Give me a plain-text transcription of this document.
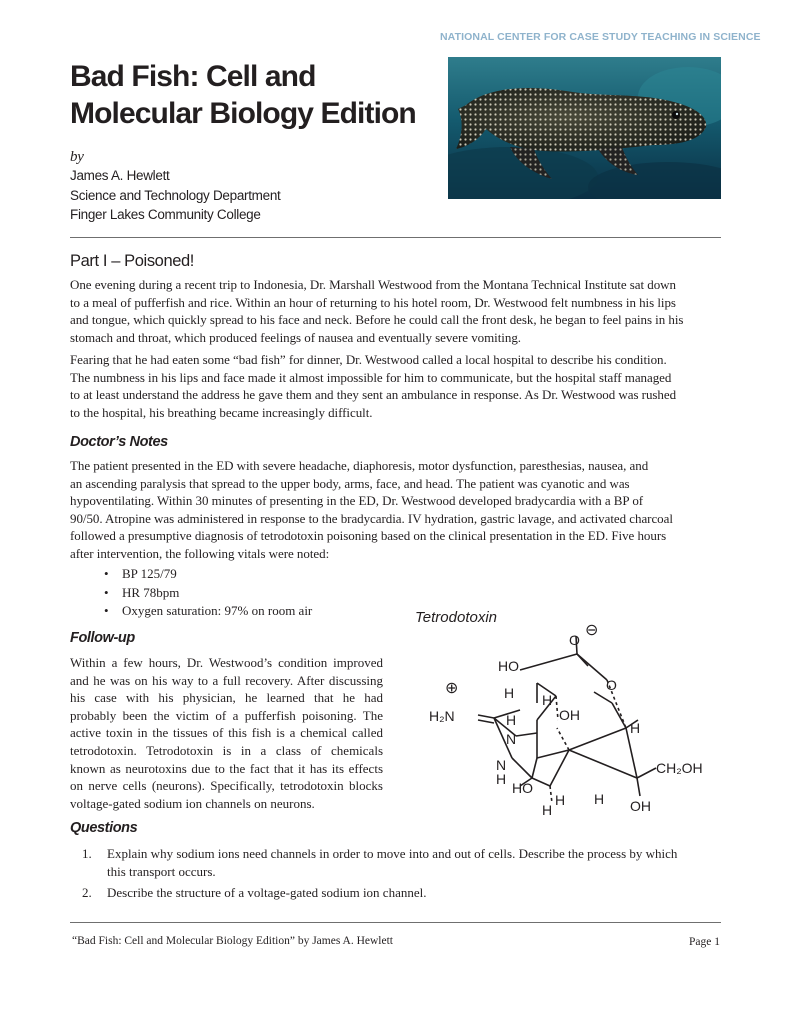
NATIONAL CENTER FOR CASE STUDY TEACHING IN SCIENCE
Bad Fish: Cell and
Molecular Biology Edition
by
James A. Hewlett
Science and Technology Department
Finger Lakes Community College
Part I – Poisoned!

One evening during a recent trip to Indonesia, Dr. Marshall Westwood from the Montana Technical Institute sat down
to a meal of pufferfish and rice. Within an hour of returning to his hotel room, Dr. Westwood felt numbness in his lips
and tongue, which quickly spread to his face and neck. Before he could call the front desk, he began to feel pains in his
stomach and throat, which produced feelings of nausea and eventually severe vomiting.

Fearing that he had eaten some “bad fish” for dinner, Dr. Westwood called a local hospital to describe his condition.
The numbness in his lips and face made it almost impossible for him to communicate, but the hospital staff managed
to at least understand the address he gave them and they sent an ambulance in response. As Dr. Westwood was rushed
to the hospital, his breathing became increasingly difficult.

Doctor’s Notes

The patient presented in the ED with severe headache, diaphoresis, motor dysfunction, paresthesias, nausea, and
an ascending paralysis that spread to the upper body, arms, face, and head. The patient was cyanotic and was
hypoventilating. Within 30 minutes of presenting in the ED, Dr. Westwood developed bradycardia with a BP of
90/50. Atropine was administered in response to the bradycardia. IV hydration, gastric lavage, and activated charcoal
followed a presumptive diagnosis of tetrodotoxin poisoning based on the clinical presentation in the ED. Five hours
after intervention, the following vitals were noted:

• BP 125/79
• HR 78bpm
• Oxygen saturation: 97% on room air
Follow-up

Within a few hours, Dr. Westwood’s condition improved
and he was on his way to a full recovery. After discussing
his case with his physician, he learned that he had
probably been the victim of a pufferfish poisoning. The
active toxin in the tissues of this fish is a chemical called
tetrodotoxin. Tetrodotoxin is in a class of chemicals
known as neurotoxins due to the fact that it has its effects
on nerve cells (neurons). Specifically, tetrodotoxin blocks
voltage-gated sodium ion channels on neurons.

Tetrodotoxin
O
⊖
HO
H H
OH
O
⊕
H₂N	H
N
H
N
H
CH₂OH
HO
H
H
H OH
Questions
1. Explain why sodium ions need channels in order to move into and out of cells. Describe the process by which
this transport occurs.
2. Describe the structure of a voltage-gated sodium ion channel.
“Bad Fish: Cell and Molecular Biology Edition” by James A. Hewlett	Page 1
